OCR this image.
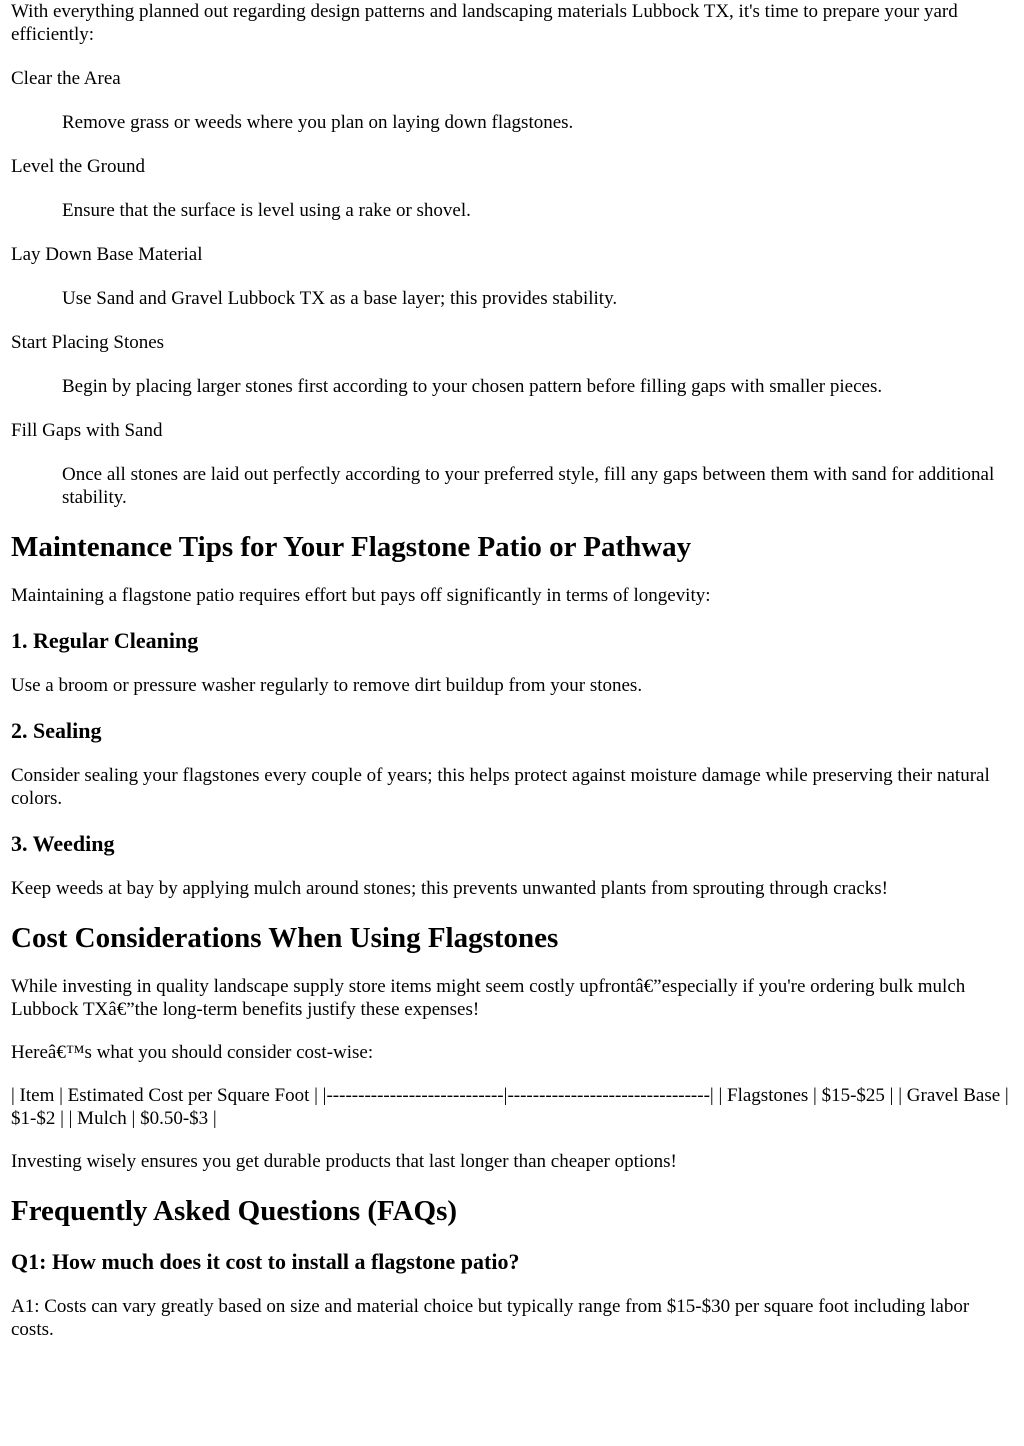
With everything planned out regarding design patterns and landscaping materials Lubbock TX, it's time to prepare your yard efficiently:

Clear the Area
Remove grass or weeds where you plan on laying down flagstones.
Level the Ground
Ensure that the surface is level using a rake or shovel.
Lay Down Base Material
Use Sand and Gravel Lubbock TX as a base layer; this provides stability.
Start Placing Stones
Begin by placing larger stones first according to your chosen pattern before filling gaps with smaller pieces.
Fill Gaps with Sand
Once all stones are laid out perfectly according to your preferred style, fill any gaps between them with sand for additional stability.
Maintenance Tips for Your Flagstone Patio or Pathway

Maintaining a flagstone patio requires effort but pays off significantly in terms of longevity:

1. Regular Cleaning

Use a broom or pressure washer regularly to remove dirt buildup from your stones.

2. Sealing

Consider sealing your flagstones every couple of years; this helps protect against moisture damage while preserving their natural colors.

3. Weeding

Keep weeds at bay by applying mulch around stones; this prevents unwanted plants from sprouting through cracks!

Cost Considerations When Using Flagstones

While investing in quality landscape supply store items might seem costly upfrontâ€”especially if you're ordering bulk mulch Lubbock TXâ€”the long-term benefits justify these expenses!

Hereâ€™s what you should consider cost-wise:

| Item | Estimated Cost per Square Foot | |----------------------------|--------------------------------| | Flagstones | $15-$25 | | Gravel Base | $1-$2 | | Mulch | $0.50-$3 |

Investing wisely ensures you get durable products that last longer than cheaper options!

Frequently Asked Questions (FAQs)
Q1: How much does it cost to install a flagstone patio?

A1: Costs can vary greatly based on size and material choice but typically range from $15-$30 per square foot including labor costs.
